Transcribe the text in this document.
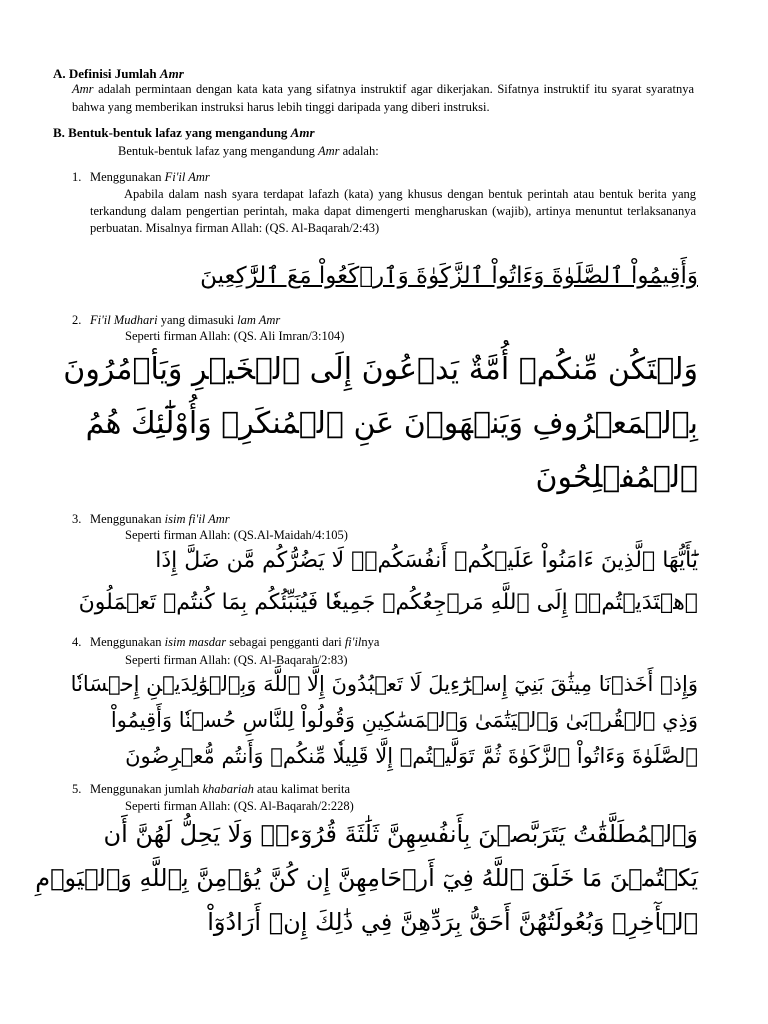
A. Definisi Jumlah Amr
Amr adalah permintaan dengan kata kata yang sifatnya instruktif agar dikerjakan. Sifatnya instruktif itu syarat syaratnya bahwa yang memberikan instruksi harus lebih tinggi daripada yang diberi instruksi.
B. Bentuk-bentuk lafaz yang mengandung Amr
Bentuk-bentuk lafaz yang mengandung Amr adalah:
1. Menggunakan Fi'il Amr
Apabila dalam nash syara terdapat lafazh (kata) yang khusus dengan bentuk perintah atau bentuk berita yang terkandung dalam pengertian perintah, maka dapat dimengerti mengharuskan (wajib), artinya menuntut terlaksananya perbuatan. Misalnya firman Allah: (QS. Al-Baqarah/2:43)
وَأَقِيمُواْ ٱلصَّلَوٰةَ وَءَاتُواْ ٱلزَّكَوٰةَ وَٱرۡكَعُواْ مَعَ ٱلرَّٰكِعِينَ
2. Fi'il Mudhari yang dimasuki lam Amr
Seperti firman Allah: (QS. Ali Imran/3:104)
وَلۡتَكُن مِّنكُمۡ أُمَّةٌ يَدۡعُونَ إِلَى ٱلۡخَيۡرِ وَيَأۡمُرُونَ
بِٱلۡمَعۡرُوفِ وَيَنۡهَوۡنَ عَنِ ٱلۡمُنكَرِۚ وَأُوْلَٰٓئِكَ هُمُ
ٱلۡمُفۡلِحُونَ
3. Menggunakan isim fi'il Amr
Seperti firman Allah: (QS.Al-Maidah/4:105)
يَٰٓأَيُّهَا ٱلَّذِينَ ءَامَنُواْ عَلَيۡكُمۡ أَنفُسَكُمۡۖ لَا يَضُرُّكُم مَّن ضَلَّ إِذَا
ٱهۡتَدَيۡتُمۡۚ إِلَى ٱللَّهِ مَرۡجِعُكُمۡ جَمِيعٗا فَيُنَبِّئُكُم بِمَا كُنتُمۡ تَعۡمَلُونَ
4. Menggunakan isim masdar sebagai pengganti dari fi'ilnya
Seperti firman Allah: (QS. Al-Baqarah/2:83)
وَإِذۡ أَخَذۡنَا مِيثَٰقَ بَنِيٓ إِسۡرَٰٓءِيلَ لَا تَعۡبُدُونَ إِلَّا ٱللَّهَ وَبِٱلۡوَٰلِدَيۡنِ إِحۡسَانٗا
وَذِي ٱلۡقُرۡبَىٰ وَٱلۡيَتَٰمَىٰ وَٱلۡمَسَٰكِينِ وَقُولُواْ لِلنَّاسِ حُسۡنٗا وَأَقِيمُواْ
ٱلصَّلَوٰةَ وَءَاتُواْ ٱلزَّكَوٰةَ ثُمَّ تَوَلَّيۡتُمۡ إِلَّا قَلِيلٗا مِّنكُمۡ وَأَنتُم مُّعۡرِضُونَ
5. Menggunakan jumlah khabariah atau kalimat berita
Seperti firman Allah: (QS. Al-Baqarah/2:228)
وَٱلۡمُطَلَّقَٰتُ يَتَرَبَّصۡنَ بِأَنفُسِهِنَّ ثَلَٰثَةَ قُرُوٓءٖۚ وَلَا يَحِلُّ لَهُنَّ أَن
يَكۡتُمۡنَ مَا خَلَقَ ٱللَّهُ فِيٓ أَرۡحَامِهِنَّ إِن كُنَّ يُؤۡمِنَّ بِٱللَّهِ وَٱلۡيَوۡمِ
ٱلۡأٓخِرِۚ وَبُعُولَتُهُنَّ أَحَقُّ بِرَدِّهِنَّ فِي ذَٰلِكَ إِنۡ أَرَادُوٓاْ
